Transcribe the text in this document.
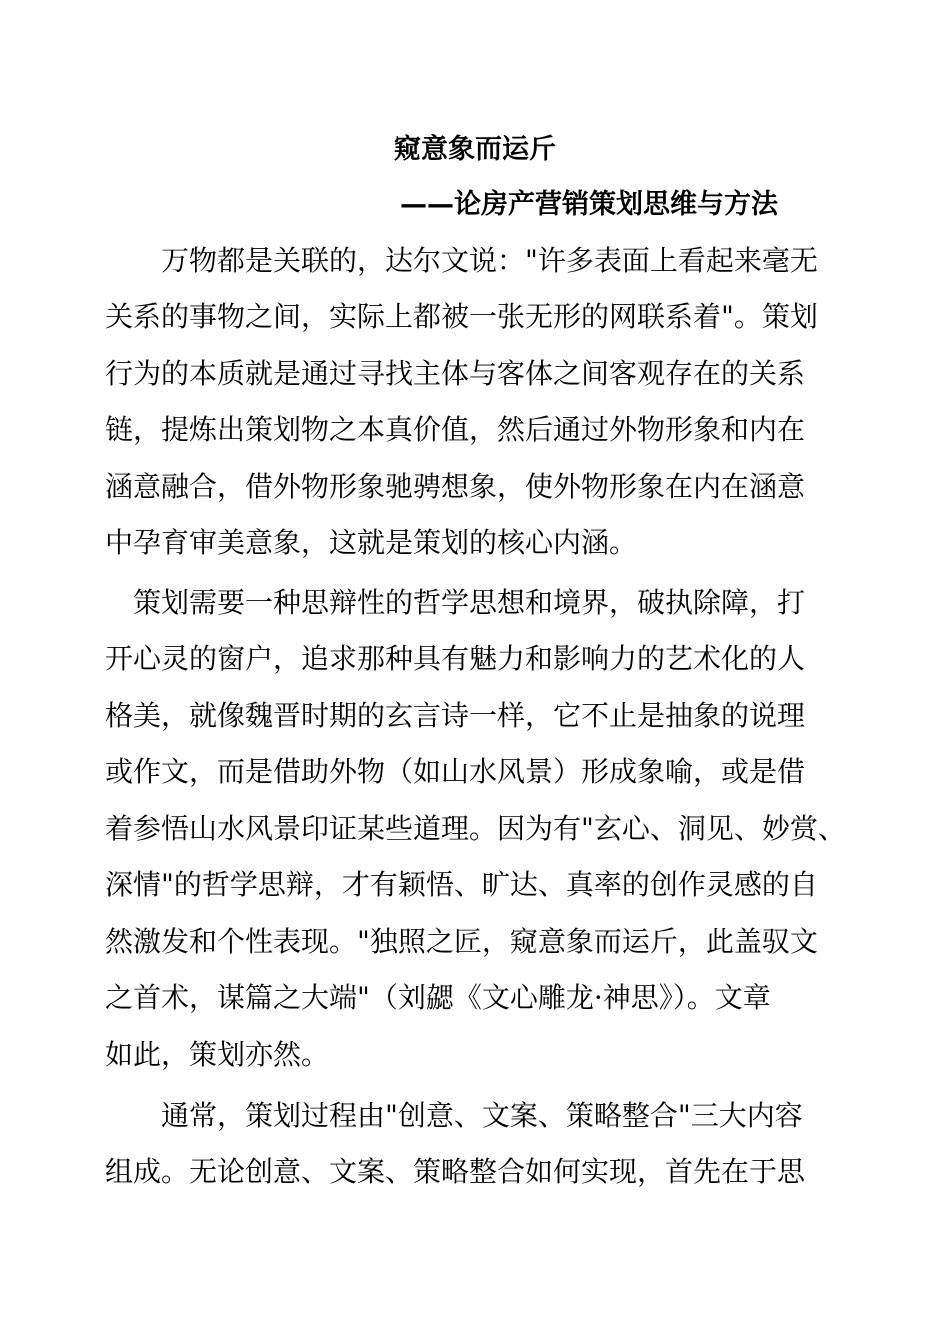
窥意象而运斤
——论房产营销策划思维与方法
　　万物都是关联的，达尔文说："许多表面上看起来毫无
关系的事物之间，实际上都被一张无形的网联系着"。策划
行为的本质就是通过寻找主体与客体之间客观存在的关系
链，提炼出策划物之本真价值，然后通过外物形象和内在
涵意融合，借外物形象驰骋想象，使外物形象在内在涵意
中孕育审美意象，这就是策划的核心内涵。
　策划需要一种思辩性的哲学思想和境界，破执除障，打
开心灵的窗户，追求那种具有魅力和影响力的艺术化的人
格美，就像魏晋时期的玄言诗一样，它不止是抽象的说理
或作文，而是借助外物（如山水风景）形成象喻，或是借
着参悟山水风景印证某些道理。因为有"玄心、洞见、妙赏、
深情"的哲学思辩，才有颖悟、旷达、真率的创作灵感的自
然激发和个性表现。"独照之匠，窥意象而运斤，此盖驭文
之首术，谋篇之大端"（刘勰《文心雕龙·神思》）。文章
如此，策划亦然。
　　通常，策划过程由"创意、文案、策略整合"三大内容
组成。无论创意、文案、策略整合如何实现，首先在于思
